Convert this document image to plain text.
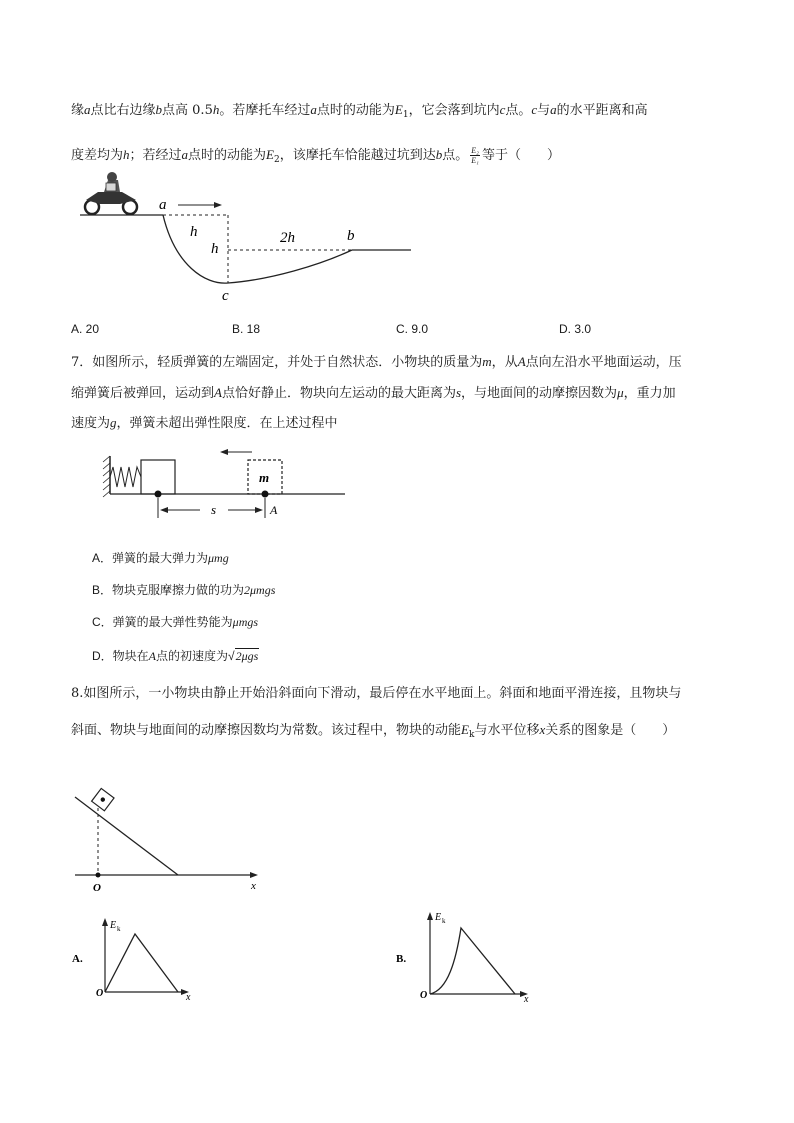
缘a点比右边缘b点高 0.5h。若摩托车经过a点时的动能为$E_1$，它会落到坑内c点。c与a的水平距离和高
度差均为h；若经过a点时的动能为$E_2$，该摩托车恰能越过坑到达b点。 $\frac{\text{E₂}}{\text{E₁}}$ 等于（　　）
a
h
h
2h	b
c
A. 20	B. 18	C. 9.0	D. 3.0
7．如图所示，轻质弹簧的左端固定，并处于自然状态．小物块的质量为m，从A点向左沿水平地面运动，压
缩弹簧后被弹回，运动到A点恰好静止．物块向左运动的最大距离为s，与地面间的动摩擦因数为μ，重力加
速度为g，弹簧未超出弹性限度．在上述过程中
m
s	A
A．弹簧的最大弹力为μmg
B．物块克服摩擦力做的功为2μmgs
C．弹簧的最大弹性势能为μmgs
D．物块在A点的初速度为√2μgs
8.如图所示，一小物块由静止开始沿斜面向下滑动，最后停在水平地面上。斜面和地面平滑连接，且物块与
斜面、物块与地面间的动摩擦因数均为常数。该过程中，物块的动能$E_k$与水平位移x关系的图象是（　　）
O	x
A.
E k
O	x
B.
E k
O	x
